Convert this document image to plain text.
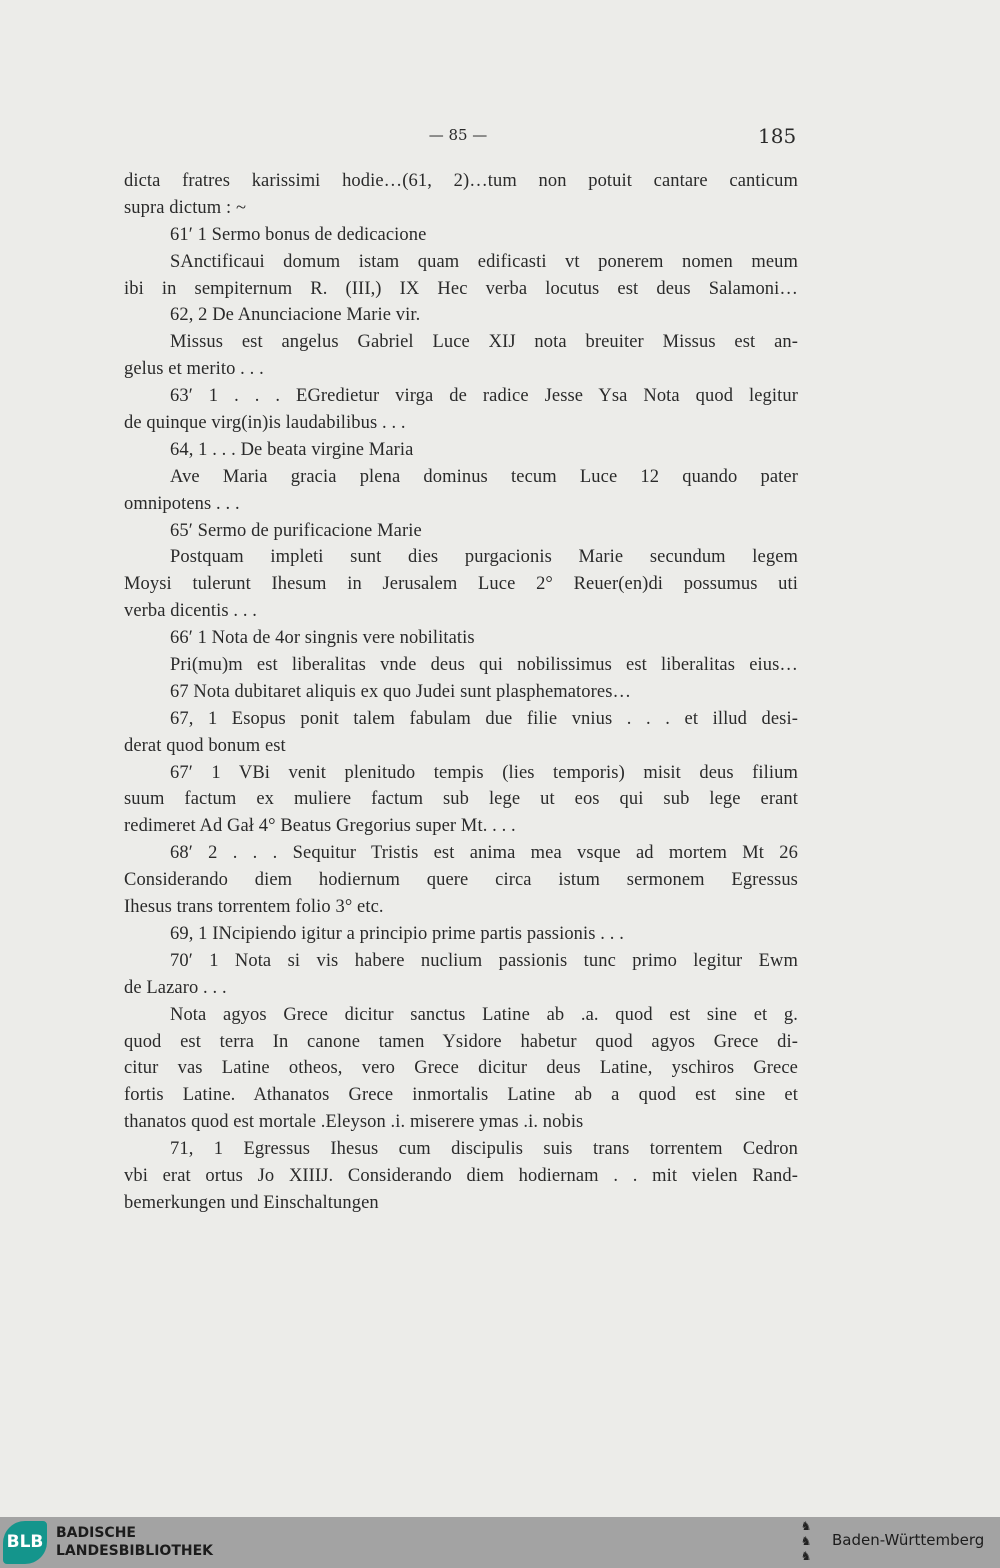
— 85 —	185
dicta fratres karissimi hodie…(61, 2)…tum non potuit cantare canticum
supra dictum : ~
61′ 1 Sermo bonus de dedicacione
SAnctificaui domum istam quam edificasti vt ponerem nomen meum
ibi in sempiternum R. (III,) IX Hec verba locutus est deus Salamoni…
62, 2 De Anunciacione Marie vir.
Missus est angelus Gabriel Luce XIJ nota breuiter Missus est an-
gelus et merito . . .
63′ 1 . . . EGredietur virga de radice Jesse Ysa Nota quod legitur
de quinque virg(in)is laudabilibus . . .
64, 1 . . . De beata virgine Maria
Ave Maria gracia plena dominus tecum Luce 12 quando pater
omnipotens . . .
65′ Sermo de purificacione Marie
Postquam impleti sunt dies purgacionis Marie secundum legem
Moysi tulerunt Ihesum in Jerusalem Luce 2° Reuer(en)di possumus uti
verba dicentis . . .
66′ 1 Nota de 4or singnis vere nobilitatis
Pri(mu)m est liberalitas vnde deus qui nobilissimus est liberalitas eius…
67 Nota dubitaret aliquis ex quo Judei sunt plasphematores…
67, 1 Esopus ponit talem fabulam due filie vnius . . . et illud desi-
derat quod bonum est
67′ 1 VBi venit plenitudo tempis (lies temporis) misit deus filium
suum factum ex muliere factum sub lege ut eos qui sub lege erant
redimeret Ad Gał 4° Beatus Gregorius super Mt. . . .
68′ 2 . . . Sequitur Tristis est anima mea vsque ad mortem Mt 26
Considerando diem hodiernum quere circa istum sermonem Egressus
Ihesus trans torrentem folio 3° etc.
69, 1 INcipiendo igitur a principio prime partis passionis . . .
70′ 1 Nota si vis habere nuclium passionis tunc primo legitur Ewm
de Lazaro . . .
Nota agyos Grece dicitur sanctus Latine ab .a. quod est sine et g.
quod est terra In canone tamen Ysidore habetur quod agyos Grece di-
citur vas Latine otheos, vero Grece dicitur deus Latine, yschiros Grece
fortis Latine. Athanatos Grece inmortalis Latine ab a quod est sine et
thanatos quod est mortale .Eleyson .i. miserere ymas .i. nobis
71, 1 Egressus Ihesus cum discipulis suis trans torrentem Cedron
vbi erat ortus Jo XIIIJ. Considerando diem hodiernam . . mit vielen Rand-
bemerkungen und Einschaltungen
BLB BADISCHE
LANDESBIBLIOTHEK
♞
♞
♞
Baden-Württemberg
